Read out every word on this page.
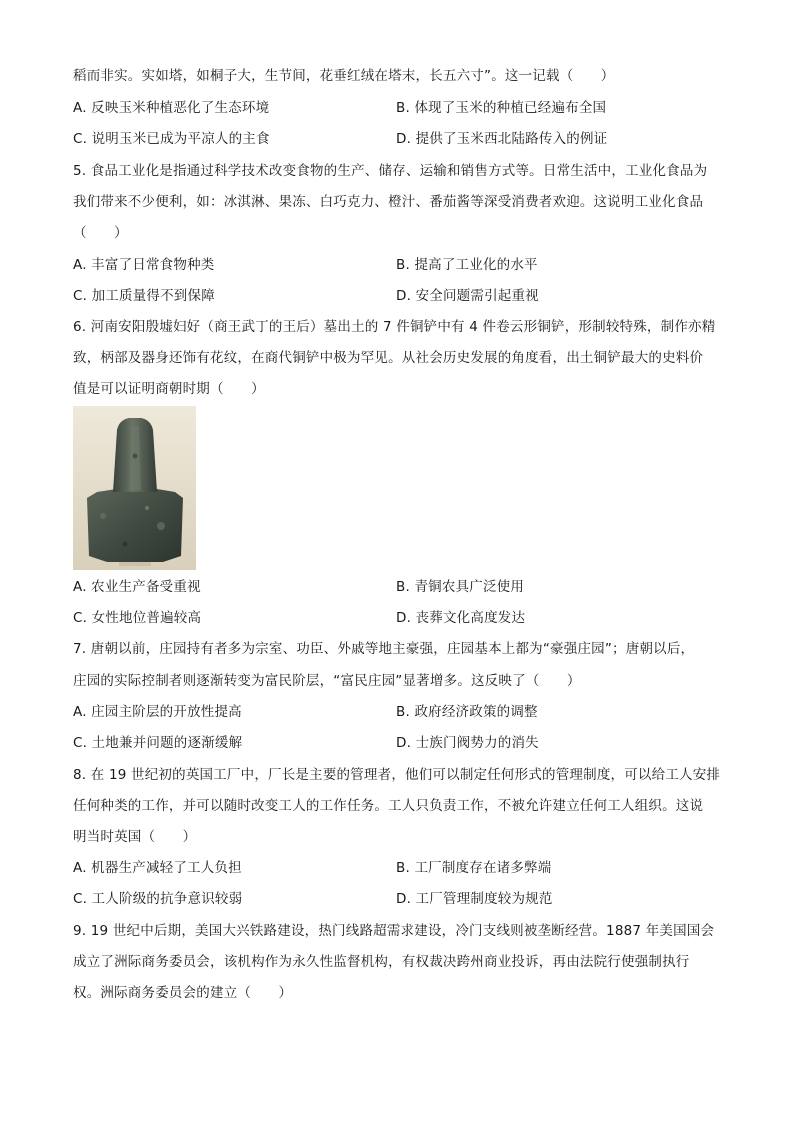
稻而非实。实如塔，如桐子大，生节间，花垂红绒在塔末，长五六寸”。这一记载（　　）
A. 反映玉米种植恶化了生态环境	B. 体现了玉米的种植已经遍布全国
C. 说明玉米已成为平凉人的主食	D. 提供了玉米西北陆路传入的例证
5. 食品工业化是指通过科学技术改变食物的生产、储存、运输和销售方式等。日常生活中，工业化食品为
我们带来不少便利，如：冰淇淋、果冻、白巧克力、橙汁、番茄酱等深受消费者欢迎。这说明工业化食品
（　　）
A. 丰富了日常食物种类	B. 提高了工业化的水平
C. 加工质量得不到保障	D. 安全问题需引起重视
6. 河南安阳殷墟妇好（商王武丁的王后）墓出土的 7 件铜铲中有 4 件卷云形铜铲，形制较特殊，制作亦精
致，柄部及器身还饰有花纹，在商代铜铲中极为罕见。从社会历史发展的角度看，出土铜铲最大的史料价
值是可以证明商朝时期（　　）
A. 农业生产备受重视	B. 青铜农具广泛使用
C. 女性地位普遍较高	D. 丧葬文化高度发达
7. 唐朝以前，庄园持有者多为宗室、功臣、外戚等地主豪强，庄园基本上都为“豪强庄园”；唐朝以后，
庄园的实际控制者则逐渐转变为富民阶层，“富民庄园”显著增多。这反映了（　　）
A. 庄园主阶层的开放性提高	B. 政府经济政策的调整
C. 土地兼并问题的逐渐缓解	D. 士族门阀势力的消失
8. 在 19 世纪初的英国工厂中，厂长是主要的管理者，他们可以制定任何形式的管理制度，可以给工人安排
任何种类的工作，并可以随时改变工人的工作任务。工人只负责工作，不被允许建立任何工人组织。这说
明当时英国（　　）
A. 机器生产减轻了工人负担	B. 工厂制度存在诸多弊端
C. 工人阶级的抗争意识较弱	D. 工厂管理制度较为规范
9. 19 世纪中后期，美国大兴铁路建设，热门线路超需求建设，冷门支线则被垄断经营。1887 年美国国会
成立了洲际商务委员会，该机构作为永久性监督机构，有权裁决跨州商业投诉，再由法院行使强制执行
权。洲际商务委员会的建立（　　）
